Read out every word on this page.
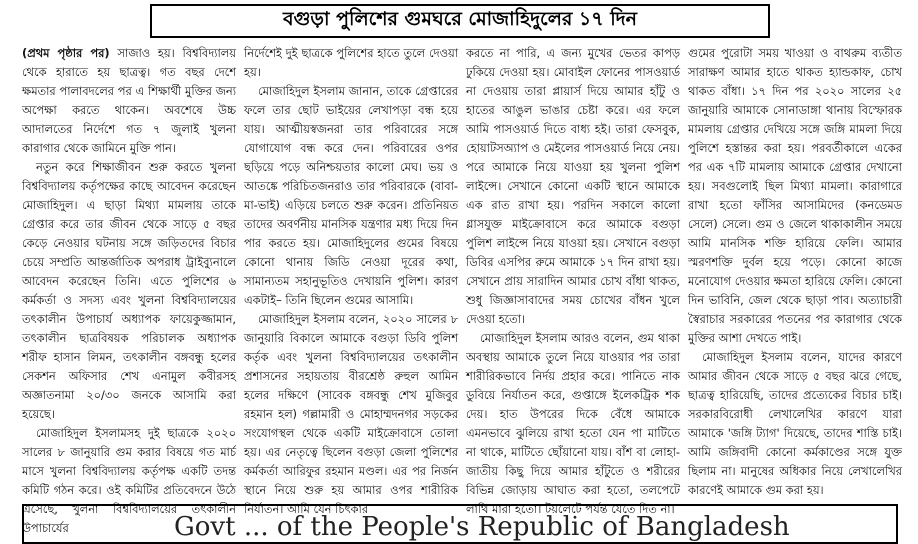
বগুড়া পুলিশের গুমঘরে মোজাহিদুলের ১৭ দিন

(প্রথম পৃষ্ঠার পর) সাজাও হয়। বিশ্ববিদ্যালয় থেকে হারাতে হয় ছাত্রত্ব। গত বছর দেশে ক্ষমতার পালাবদলের পর এ শিক্ষার্থী মুক্তির জন্য অপেক্ষা করতে থাকেন। অবশেষে উচ্চ আদালতের নির্দেশে গত ৭ জুলাই খুলনা কারাগার থেকে জামিনে মুক্তি পান।

নতুন করে শিক্ষাজীবন শুরু করতে খুলনা বিশ্ববিদ্যালয় কর্তৃপক্ষের কাছে আবেদন করেছেন মোজাহিদুল। এ ছাড়া মিথ্যা মামলায় তাকে গ্রেপ্তার করে তার জীবন থেকে সাড়ে ৫ বছর কেড়ে নেওয়ার ঘটনায় সঙ্গে জড়িতদের বিচার চেয়ে সম্প্রতি আন্তর্জাতিক অপরাধ ট্রাইব্যুনালে আবেদন করেছেন তিনি। এতে পুলিশের ৬ কর্মকর্তা ও সদস্য এবং খুলনা বিশ্ববিদ্যালয়ের তৎকালীন উপাচার্য অধ্যাপক ফায়েকুজ্জামান, তৎকালীন ছাত্রবিষয়ক পরিচালক অধ্যাপক শরীফ হাসান লিমন, তৎকালীন বঙ্গবন্ধু হলের সেকশন অফিসার শেখ এনামুল কবীরসহ অজ্ঞাতনামা ২০/৩০ জনকে আসামি করা হয়েছে।

মোজাহিদুল ইসলামসহ দুই ছাত্রকে ২০২০ সালের ৮ জানুয়ারি গুম করার বিষয়ে গত মার্চ মাসে খুলনা বিশ্ববিদ্যালয় কর্তৃপক্ষ একটি তদন্ত কমিটি গঠন করে। ওই কমিটির প্রতিবেদনে উঠে এসেছে, খুলনা বিশ্ববিদ্যালয়ের তৎকালীন উপাচার্যের

নির্দেশেই দুই ছাত্রকে পুলিশের হাতে তুলে দেওয়া হয়।

মোজাহিদুল ইসলাম জানান, তাকে গ্রেপ্তারের ফলে তার ছোট ভাইয়ের লেখাপড়া বন্ধ হয়ে যায়। আত্মীয়স্বজনরা তার পরিবারের সঙ্গে যোগাযোগ বন্ধ করে দেন। পরিবারের ওপর ছড়িয়ে পড়ে অনিশ্চয়তার কালো মেঘ। ভয় ও আতঙ্কে পরিচিতজনরাও তার পরিবারকে (বাবা-মা-ভাই) এড়িয়ে চলতে শুরু করেন। প্রতিনিয়ত তাদের অবর্ণনীয় মানসিক যন্ত্রণার মধ্য দিয়ে দিন পার করতে হয়। মোজাহিদুলের গুমের বিষয়ে কোনো থানায় জিডি নেওয়া দূরের কথা, সামান্যতম সহানুভূতিও দেখায়নি পুলিশ। কারণ একটাই– তিনি ছিলেন গুমের আসামি।

মোজাহিদুল ইসলাম বলেন, ২০২০ সালের ৮ জানুয়ারি বিকালে আমাকে বগুড়া ডিবি পুলিশ কর্তৃক এবং খুলনা বিশ্ববিদ্যালয়ের তৎকালীন প্রশাসনের সহায়তায় বীরশ্রেষ্ঠ রুহুল আমিন হলের দক্ষিণে (সাবেক বঙ্গবন্ধু শেখ মুজিবুর রহমান হল) গল্লামারী ও মোহাম্মদনগর সড়কের সংযোগস্থল থেকে একটি মাইক্রোবাসে তোলা হয়। এর নেতৃত্বে ছিলেন বগুড়া জেলা পুলিশের কর্মকর্তা আরিফুর রহমান মণ্ডল। এর পর নির্জন স্থানে নিয়ে শুরু হয় আমার ওপর শারীরিক নির্যাতন। আমি যেন চিৎকার

করতে না পারি, এ জন্য মুখের ভেতর কাপড় ঢুকিয়ে দেওয়া হয়। মোবাইল ফোনের পাসওয়ার্ড না দেওয়ায় তারা প্লায়ার্স দিয়ে আমার হাঁটু ও হাতের আঙুল ভাঙার চেষ্টা করে। এর ফলে আমি পাসওয়ার্ড দিতে বাধ্য হই। তারা ফেসবুক, হোয়াটসঅ্যাপ ও মেইলের পাসওয়ার্ড নিয়ে নেয়। পরে আমাকে নিয়ে যাওয়া হয় খুলনা পুলিশ লাইন্সে। সেখানে কোনো একটি স্থানে আমাকে এক রাত রাখা হয়। পরদিন সকালে কালো গ্লাসযুক্ত মাইক্রোবাসে করে আমাকে বগুড়া পুলিশ লাইন্সে নিয়ে যাওয়া হয়। সেখানে বগুড়া ডিবির এসপির রুমে আমাকে ১৭ দিন রাখা হয়। সেখানে প্রায় সারাদিন আমার চোখ বাঁধা থাকত, শুধু জিজ্ঞাসাবাদের সময় চোখের বাঁধন খুলে দেওয়া হতো।

মোজাহিদুল ইসলাম আরও বলেন, গুম থাকা অবস্থায় আমাকে তুলে নিয়ে যাওয়ার পর তারা শারীরিকভাবে নির্দয় প্রহার করে। পানিতে নাক ডুবিয়ে নির্যাতন করে, গুপ্তাঙ্গে ইলেকট্রিক শক দেয়। হাত উপরের দিকে বেঁধে আমাকে এমনভাবে ঝুলিয়ে রাখা হতো যেন পা মাটিতে না থাকে, মাটিতে ছোঁয়ানো যায়। বাঁশ বা লোহা-জাতীয় কিছু দিয়ে আমার হাঁটুতে ও শরীরের বিভিন্ন জোড়ায় আঘাত করা হতো, তলপেটে লাথি মারা হতো। টয়লেটে পর্যন্ত যেতে দিত না।

গুমের পুরোটা সময় খাওয়া ও বাথরুম ব্যতীত সারাক্ষণ আমার হাতে থাকত হ্যান্ডকাফ, চোখ থাকত বাঁধা। ১৭ দিন পর ২০২০ সালের ২৫ জানুয়ারি আমাকে সোনাডাঙ্গা থানায় বিস্ফোরক মামলায় গ্রেপ্তার দেখিয়ে সঙ্গে জঙ্গি মামলা দিয়ে পুলিশে হস্তান্তর করা হয়। পরবর্তীকালে একের পর এক ৭টি মামলায় আমাকে গ্রেপ্তার দেখানো হয়। সবগুলোই ছিল মিথ্যা মামলা। কারাগারে রাখা হতো ফাঁসির আসামিদের (কনডেমড সেলে) সেলে। গুম ও জেলে থাকাকালীন সময়ে আমি মানসিক শক্তি হারিয়ে ফেলি। আমার স্মরণশক্তি দুর্বল হয়ে পড়ে। কোনো কাজে মনোযোগ দেওয়ার ক্ষমতা হারিয়ে ফেলি। কোনো দিন ভাবিনি, জেল থেকে ছাড়া পাব। অত্যাচারী স্বৈরাচার সরকারের পতনের পর কারাগার থেকে মুক্তির আশা দেখতে পাই।

মোজাহিদুল ইসলাম বলেন, যাদের কারণে আমার জীবন থেকে সাড়ে ৫ বছর ঝরে গেছে, ছাত্রত্ব হারিয়েছি, তাদের প্রত্যেকের বিচার চাই। সরকারবিরোধী লেখালেখির কারণে যারা আমাকে 'জঙ্গি ট্যাগ' দিয়েছে, তাদের শাস্তি চাই। আমি জঙ্গিবাদী কোনো কর্মকাণ্ডের সঙ্গে যুক্ত ছিলাম না। মানুষের অধিকার নিয়ে লেখালেখির কারণেই আমাকে গুম করা হয়।

Govt ... of the People's Republic of Bangladesh
